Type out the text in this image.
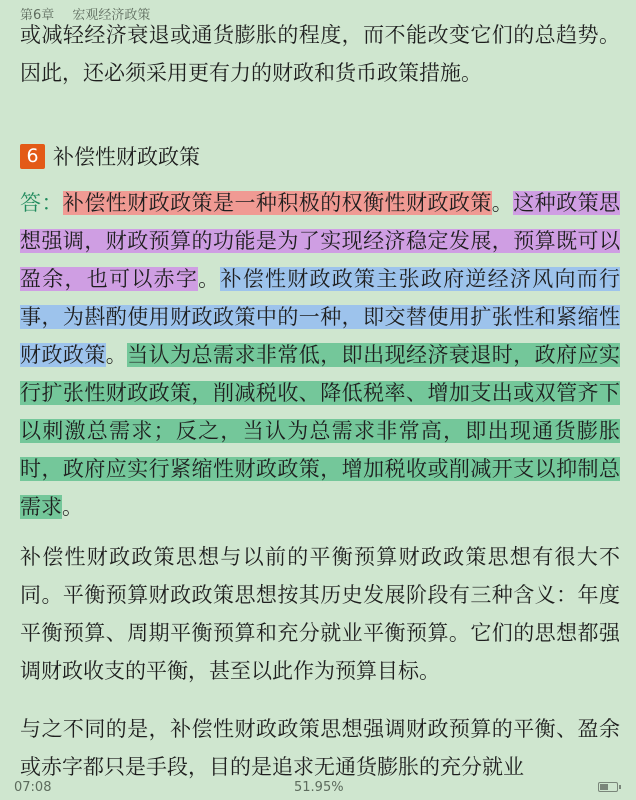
第6章 宏观经济政策

或减轻经济衰退或通货膨胀的程度，而不能改变它们的总趋势。因此，还必须采用更有力的财政和货币政策措施。

6 补偿性财政政策

答：补偿性财政政策是一种积极的权衡性财政政策。这种政策思想强调，财政预算的功能是为了实现经济稳定发展，预算既可以盈余，也可以赤字。补偿性财政政策主张政府逆经济风向而行事，为斟酌使用财政政策中的一种，即交替使用扩张性和紧缩性财政政策。当认为总需求非常低，即出现经济衰退时，政府应实行扩张性财政政策，削减税收、降低税率、增加支出或双管齐下以刺激总需求；反之，当认为总需求非常高，即出现通货膨胀时，政府应实行紧缩性财政政策，增加税收或削减开支以抑制总需求。

补偿性财政政策思想与以前的平衡预算财政政策思想有很大不同。平衡预算财政政策思想按其历史发展阶段有三种含义：年度平衡预算、周期平衡预算和充分就业平衡预算。它们的思想都强调财政收支的平衡，甚至以此作为预算目标。

与之不同的是，补偿性财政政策思想强调财政预算的平衡、盈余或赤字都只是手段，目的是追求无通货膨胀的充分就业

07:08	51.95%
